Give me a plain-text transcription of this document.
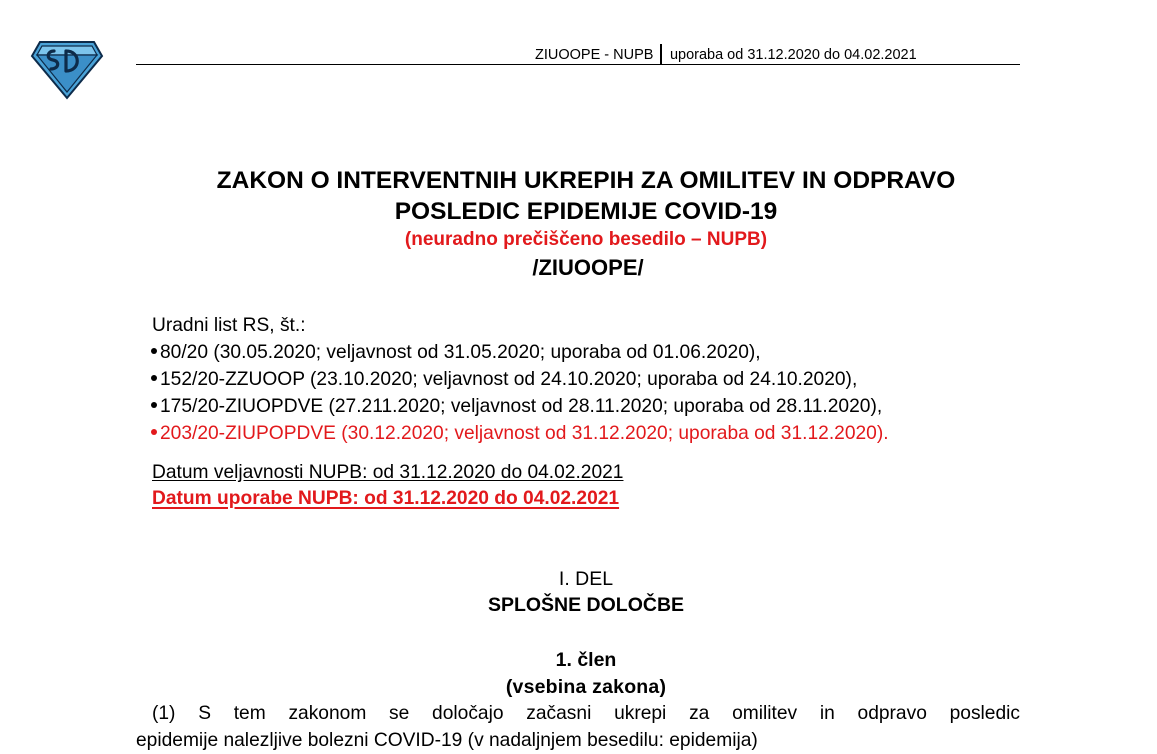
ZIUOOPE - NUPB uporaba od 31.12.2020 do 04.02.2021
ZAKON O INTERVENTNIH UKREPIH ZA OMILITEV IN ODPRAVO
POSLEDIC EPIDEMIJE COVID-19
(neuradno prečiščeno besedilo – NUPB)
/ZIUOOPE/
Uradni list RS, št.:
80/20 (30.05.2020; veljavnost od 31.05.2020; uporaba od 01.06.2020),
152/20-ZZUOOP (23.10.2020; veljavnost od 24.10.2020; uporaba od 24.10.2020),
175/20-ZIUOPDVE (27.211.2020; veljavnost od 28.11.2020; uporaba od 28.11.2020),
203/20-ZIUPOPDVE (30.12.2020; veljavnost od 31.12.2020; uporaba od 31.12.2020).
Datum veljavnosti NUPB: od 31.12.2020 do 04.02.2021
Datum uporabe NUPB: od 31.12.2020 do 04.02.2021
I. DEL
SPLOŠNE DOLOČBE
1. člen
(vsebina zakona)
(1) S tem zakonom se določajo začasni ukrepi za omilitev in odpravo posledic
epidemije nalezljive bolezni COVID-19 (v nadaljnjem besedilu: epidemija)
